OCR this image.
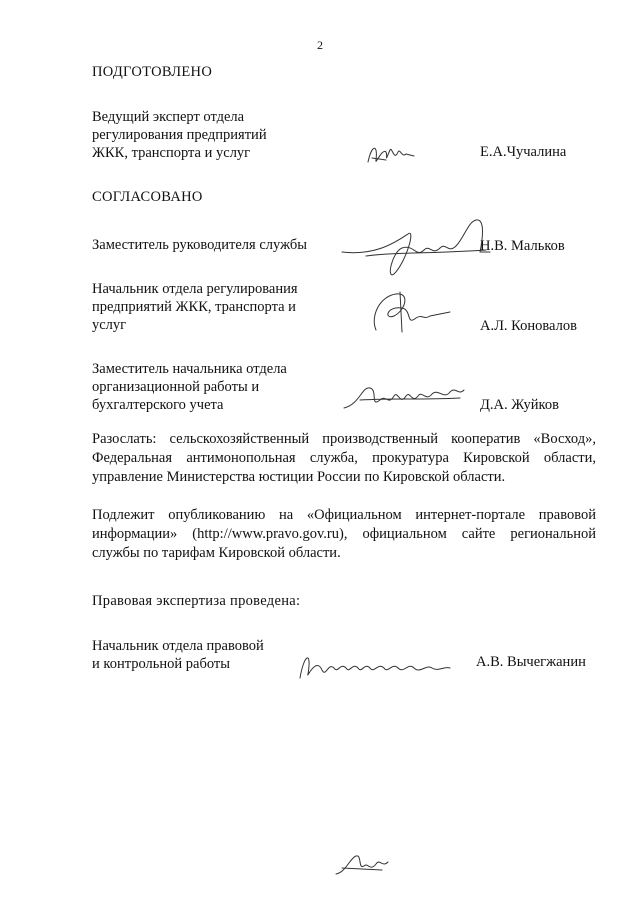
2
ПОДГОТОВЛЕНО
Ведущий эксперт отдела
регулирования предприятий
ЖКК, транспорта и услуг	Е.А.Чучалина
СОГЛАСОВАНО
Заместитель руководителя службы	Н.В. Мальков
Начальник отдела регулирования
предприятий ЖКК, транспорта и
услуг	А.Л. Коновалов
Заместитель начальника отдела
организационной работы и
бухгалтерского учета	Д.А. Жуйков
Разослать: сельскохозяйственный производственный кооператив «Восход», Федеральная антимонопольная служба, прокуратура Кировской области, управление Министерства юстиции России по Кировской области.
Подлежит опубликованию на «Официальном интернет-портале правовой информации» (http://www.pravo.gov.ru), официальном сайте региональной службы по тарифам Кировской области.
Правовая экспертиза проведена:
Начальник отдела правовой
и контрольной работы	А.В. Вычегжанин
